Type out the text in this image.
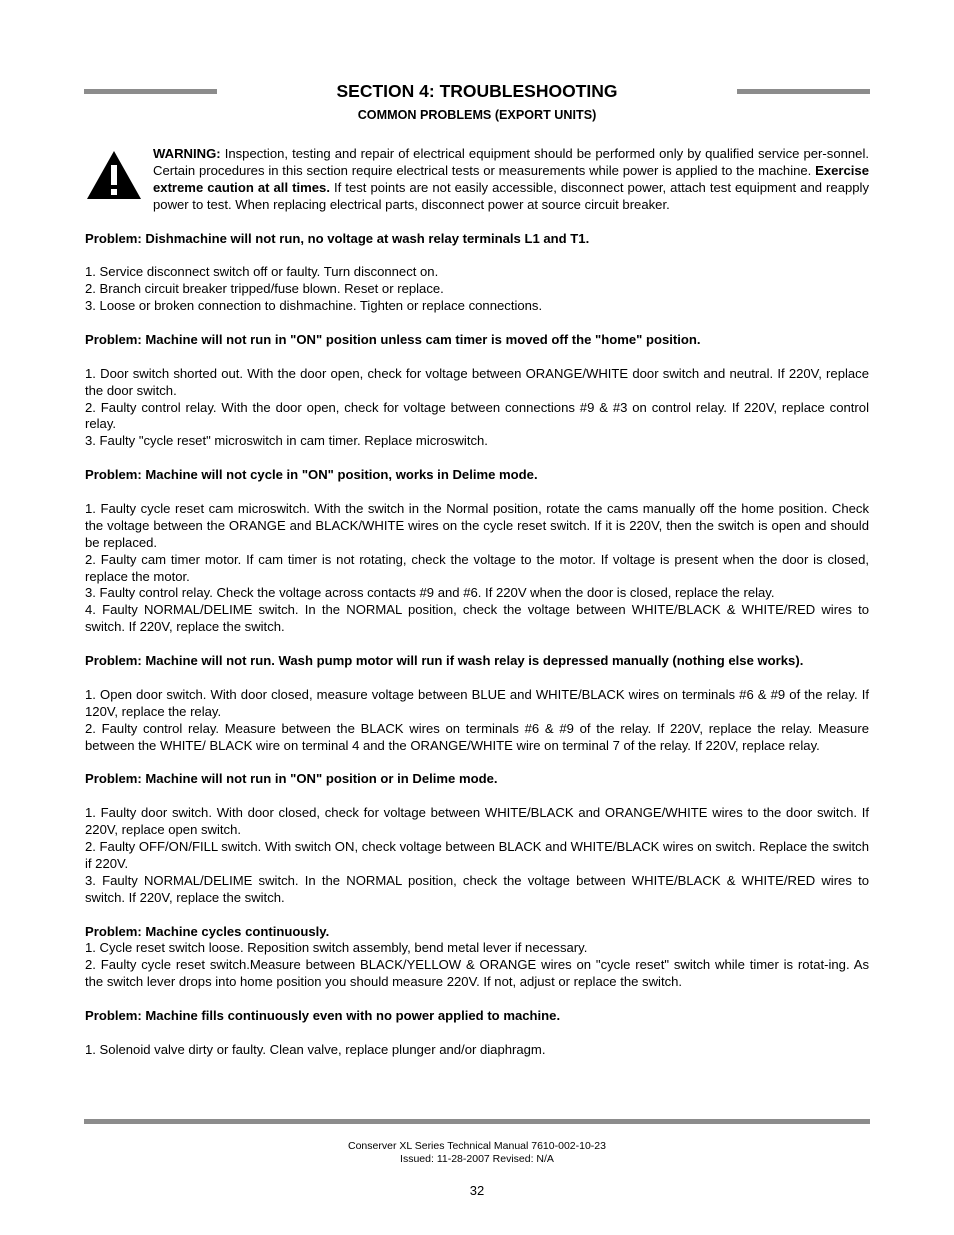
SECTION 4: TROUBLESHOOTING
COMMON PROBLEMS (EXPORT UNITS)

WARNING: Inspection, testing and repair of electrical equipment should be performed only by qualified service per-sonnel. Certain procedures in this section require electrical tests or measurements while power is applied to the machine. Exercise extreme caution at all times. If test points are not easily accessible, disconnect power, attach test equipment and reapply power to test. When replacing electrical parts, disconnect power at source circuit breaker.

Problem: Dishmachine will not run, no voltage at wash relay terminals L1 and T1.

1. Service disconnect switch off or faulty. Turn disconnect on.

2. Branch circuit breaker tripped/fuse blown. Reset or replace.

3. Loose or broken connection to dishmachine. Tighten or replace connections.

Problem: Machine will not run in "ON" position unless cam timer is moved off the "home" position.

1. Door switch shorted out. With the door open, check for voltage between ORANGE/WHITE door switch and neutral. If 220V, replace the door switch.

2. Faulty control relay. With the door open, check for voltage between connections #9 & #3 on control relay. If 220V, replace control relay.

3. Faulty "cycle reset" microswitch in cam timer. Replace microswitch.

Problem: Machine will not cycle in "ON" position, works in Delime mode.

1. Faulty cycle reset cam microswitch. With the switch in the Normal position, rotate the cams manually off the home position. Check the voltage between the ORANGE and BLACK/WHITE wires on the cycle reset switch. If it is 220V, then the switch is open and should be replaced.

2. Faulty cam timer motor. If cam timer is not rotating, check the voltage to the motor. If voltage is present when the door is closed, replace the motor.

3. Faulty control relay. Check the voltage across contacts #9 and #6. If 220V when the door is closed, replace the relay.

4. Faulty NORMAL/DELIME switch. In the NORMAL position, check the voltage between WHITE/BLACK & WHITE/RED wires to switch. If 220V, replace the switch.

Problem: Machine will not run. Wash pump motor will run if wash relay is depressed manually (nothing else works).

1. Open door switch. With door closed, measure voltage between BLUE and WHITE/BLACK wires on terminals #6 & #9 of the relay. If 120V, replace the relay.

2. Faulty control relay. Measure between the BLACK wires on terminals #6 & #9 of the relay. If 220V, replace the relay. Measure between the WHITE/ BLACK wire on terminal 4 and the ORANGE/WHITE wire on terminal 7 of the relay. If 220V, replace relay.

Problem: Machine will not run in "ON" position or in Delime mode.

1. Faulty door switch. With door closed, check for voltage between WHITE/BLACK and ORANGE/WHITE wires to the door switch. If 220V, replace open switch.

2. Faulty OFF/ON/FILL switch. With switch ON, check voltage between BLACK and WHITE/BLACK wires on switch. Replace the switch if 220V.

3. Faulty NORMAL/DELIME switch. In the NORMAL position, check the voltage between WHITE/BLACK & WHITE/RED wires to switch. If 220V, replace the switch.

Problem: Machine cycles continuously.

1. Cycle reset switch loose. Reposition switch assembly, bend metal lever if necessary.

2. Faulty cycle reset switch.Measure between BLACK/YELLOW & ORANGE wires on "cycle reset" switch while timer is rotat-ing. As the switch lever drops into home position you should measure 220V. If not, adjust or replace the switch.

Problem: Machine fills continuously even with no power applied to machine.

1. Solenoid valve dirty or faulty. Clean valve, replace plunger and/or diaphragm.

Conserver XL Series Technical Manual 7610-002-10-23
Issued: 11-28-2007 Revised: N/A
32
